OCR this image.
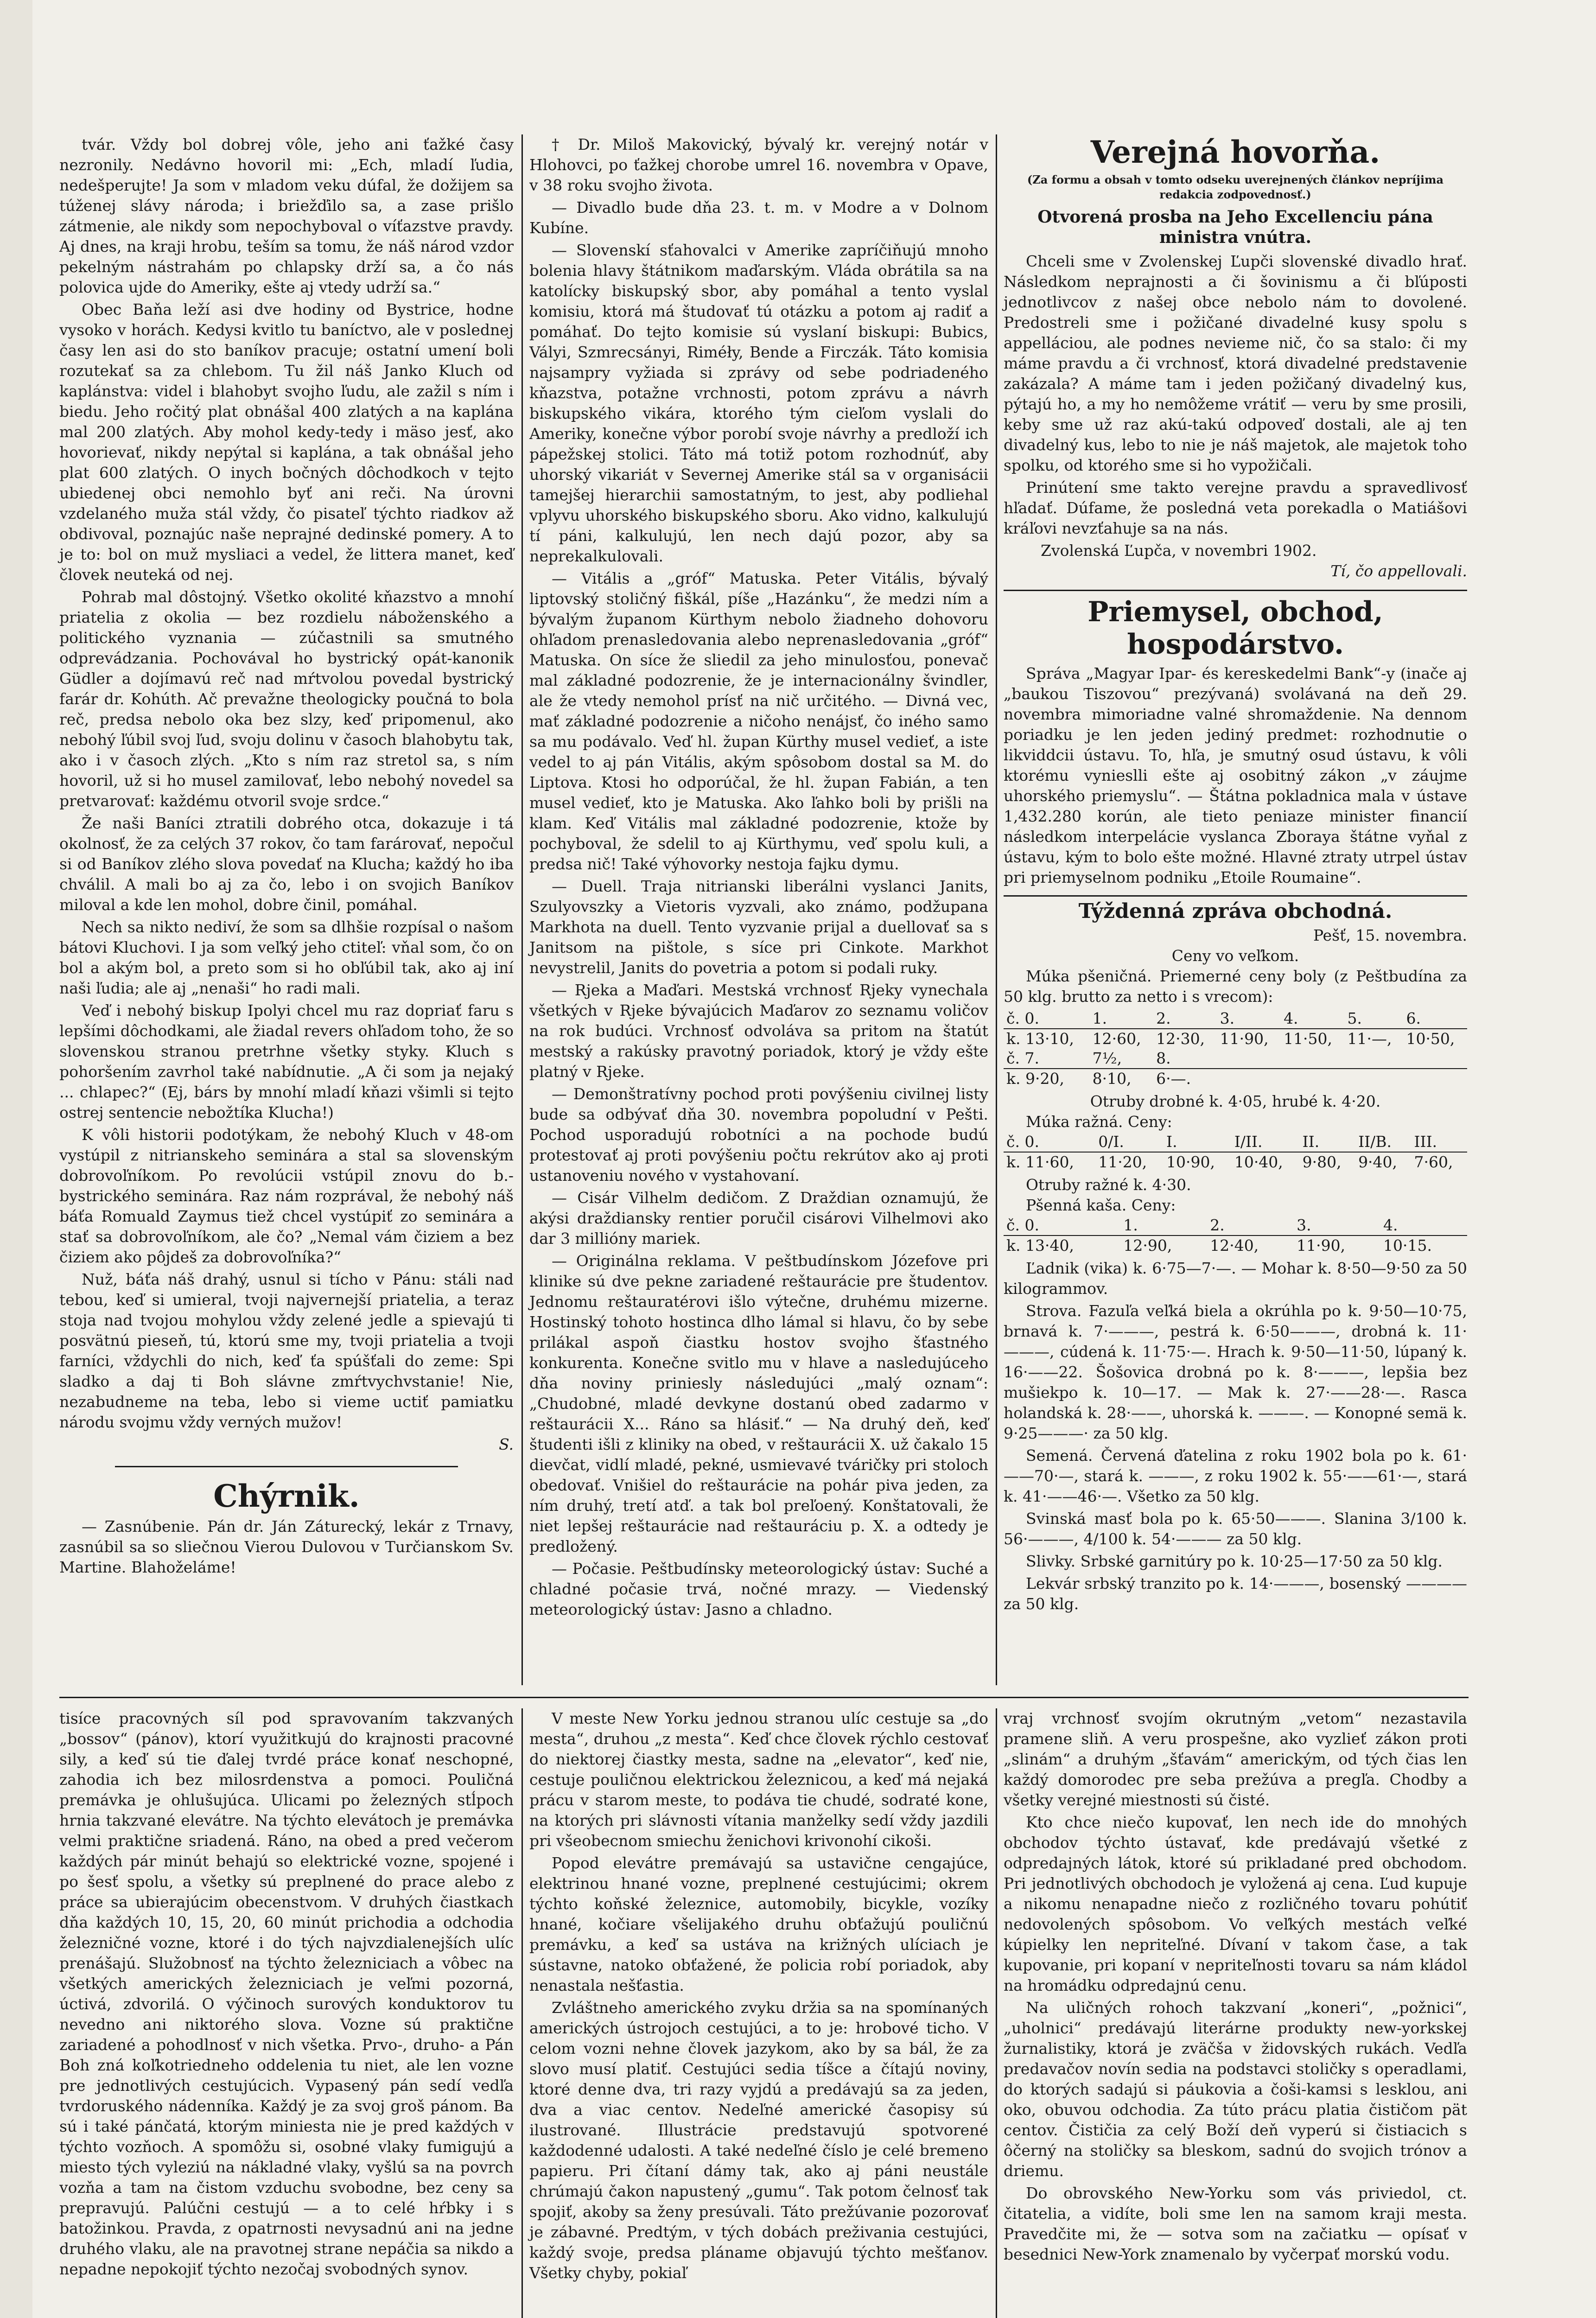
tvár. Vždy bol dobrej vôle, jeho ani ťažké časy nezronily. Nedávno hovoril mi: „Ech, mladí ľudia, nedešperujte! Ja som v mladom veku dúfal, že dožijem sa túženej slávy národa; i briežďilo sa, a zase prišlo zátmenie, ale nikdy som nepochyboval o víťazstve pravdy. Aj dnes, na kraji hrobu, teším sa tomu, že náš národ vzdor pekelným nástrahám po chlapsky drží sa, a čo nás polovica ujde do Ameriky, ešte aj vtedy udrží sa.“

Obec Baňa leží asi dve hodiny od Bystrice, hodne vysoko v horách. Kedysi kvitlo tu baníctvo, ale v poslednej časy len asi do sto baníkov pracuje; ostatní umení boli rozutekať sa za chlebom. Tu žil náš Janko Kluch od kaplánstva: videl i blahobyt svojho ľudu, ale zažil s ním i biedu. Jeho ročitý plat obnášal 400 zlatých a na kaplána mal 200 zlatých. Aby mohol kedy-tedy i mäso jesť, ako hovorievať, nikdy nepýtal si kaplána, a tak obnášal jeho plat 600 zlatých. O inych bočných dôchodkoch v tejto ubiedenej obci nemohlo byť ani reči. Na úrovni vzdelaného muža stál vždy, čo pisateľ týchto riadkov až obdivoval, poznajúc naše neprajné dedinské pomery. A to je to: bol on muž mysliaci a vedel, že littera manet, keď človek neuteká od nej.

Pohrab mal dôstojný. Všetko okolité kňazstvo a mnohí priatelia z okolia — bez rozdielu náboženského a politického vyznania — zúčastnili sa smutného odprevádzania. Pochovával ho bystrický opát-kanonik Güdler a dojímavú reč nad mŕtvolou povedal bystrický farár dr. Kohúth. Ač prevažne theologicky poučná to bola reč, predsa nebolo oka bez slzy, keď pripomenul, ako nebohý ľúbil svoj ľud, svoju dolinu v časoch blahobytu tak, ako i v časoch zlých. „Kto s ním raz stretol sa, s ním hovoril, už si ho musel zamilovať, lebo nebohý novedel sa pretvarovať: každému otvoril svoje srdce.“

Že naši Baníci ztratili dobrého otca, dokazuje i tá okolnosť, že za celých 37 rokov, čo tam farárovať, nepočul si od Baníkov zlého slova povedať na Klucha; každý ho iba chválil. A mali bo aj za čo, lebo i on svojich Baníkov miloval a kde len mohol, dobre činil, pomáhal.

Nech sa nikto nediví, že som sa dlhšie rozpísal o našom bátovi Kluchovi. I ja som veľký jeho ctiteľ: vňal som, čo on bol a akým bol, a preto som si ho obľúbil tak, ako aj iní naši ľudia; ale aj „nenaši“ ho radi mali.

Veď i nebohý biskup Ipolyi chcel mu raz dopriať faru s lepšími dôchodkami, ale žiadal revers ohľadom toho, že so slovenskou stranou pretrhne všetky styky. Kluch s pohoršením zavrhol také nabídnutie. „A či som ja nejaký ... chlapec?“ (Ej, bárs by mnohí mladí kňazi všimli si tejto ostrej sentencie nebožtíka Klucha!)

K vôli historii podotýkam, že nebohý Kluch v 48-om vystúpil z nitrianskeho seminára a stal sa slovenským dobrovoľníkom. Po revolúcii vstúpil znovu do b.-bystrického seminára. Raz nám rozprával, že nebohý náš báťa Romuald Zaymus tiež chcel vystúpiť zo seminára a stať sa dobrovoľníkom, ale čo? „Nemal vám čiziem a bez čiziem ako pôjdeš za dobrovoľníka?“

Nuž, báťa náš drahý, usnul si tícho v Pánu: stáli nad tebou, keď si umieral, tvoji najvernejší priatelia, a teraz stoja nad tvojou mohylou vždy zelené jedle a spievajú ti posvätnú pieseň, tú, ktorú sme my, tvoji priatelia a tvoji farníci, vždychli do nich, keď ťa spúšťali do zeme: Spi sladko a daj ti Boh slávne zmŕtvychvstanie! Nie, nezabudneme na teba, lebo si vieme uctiť pamiatku národu svojmu vždy verných mužov!

S.

Chýrnik.

— Zasnúbenie. Pán dr. Ján Záturecký, lekár z Trnavy, zasnúbil sa so sliečnou Vierou Dulovou v Turčianskom Sv. Martine. Blahoželáme!

† Dr. Miloš Makovický, bývalý kr. verejný notár v Hlohovci, po ťažkej chorobe umrel 16. novembra v Opave, v 38 roku svojho života.

— Divadlo bude dňa 23. t. m. v Modre a v Dolnom Kubíne.

— Slovenskí sťahovalci v Amerike zapríčiňujú mnoho bolenia hlavy štátnikom maďarským. Vláda obrátila sa na katolícky biskupský sbor, aby pomáhal a tento vyslal komisiu, ktorá má študovať tú otázku a potom aj radiť a pomáhať. Do tejto komisie sú vyslaní biskupi: Bubics, Vályi, Szmrecsányi, Riméły, Bende a Firczák. Táto komisia najsampry vyžiada si zprávy od sebe podriadeného kňazstva, potažne vrchnosti, potom zprávu a návrh biskupského vikára, ktorého tým cieľom vyslali do Ameriky, konečne výbor porobí svoje návrhy a predloží ich pápežskej stolici. Táto má totiž potom rozhodnúť, aby uhorský vikariát v Severnej Amerike stál sa v organisácii tamejšej hierarchii samostatným, to jest, aby podliehal vplyvu uhorského biskupského sboru. Ako vidno, kalkulujú tí páni, kalkulujú, len nech dajú pozor, aby sa neprekalkulovali.

— Vitális a „gróf“ Matuska. Peter Vitális, bývalý liptovský stoličný fiškál, píše „Hazánku“, že medzi ním a bývalým županom Kürthym nebolo žiadneho dohovoru ohľadom prenasledovania alebo neprenasledovania „gróf“ Matuska. On síce že sliedil za jeho minulosťou, ponevač mal základné podozrenie, že je internacionálny švindler, ale že vtedy nemohol prísť na nič určitého. — Divná vec, mať základné podozrenie a ničoho nenájsť, čo iného samo sa mu podávalo. Veď hl. župan Kürthy musel vedieť, a iste vedel to aj pán Vitális, akým spôsobom dostal sa M. do Liptova. Ktosi ho odporúčal, že hl. župan Fabián, a ten musel vedieť, kto je Matuska. Ako ľahko boli by prišli na klam. Keď Vitális mal základné podozrenie, ktože by pochyboval, že sdelil to aj Kürthymu, veď spolu kuli, a predsa nič! Také výhovorky nestoja fajku dymu.

— Duell. Traja nitrianski liberálni vyslanci Janits, Szulyovszky a Vietoris vyzvali, ako známo, podžupana Markhota na duell. Tento vyzvanie prijal a duellovať sa s Janitsom na pištole, s síce pri Cinkote. Markhot nevystrelil, Janits do povetria a potom si podali ruky.

— Rjeka a Maďari. Mestská vrchnosť Rjeky vynechala všetkých v Rjeke bývajúcich Maďarov zo seznamu voličov na rok budúci. Vrchnosť odvoláva sa pritom na štatút mestský a rakúsky pravotný poriadok, ktorý je vždy ešte platný v Rjeke.

— Demonštratívny pochod proti povýšeniu civilnej listy bude sa odbývať dňa 30. novembra popoludní v Pešti. Pochod usporadujú robotníci a na pochode budú protestovať aj proti povýšeniu počtu rekrútov ako aj proti ustanoveniu nového v vystahovaní.

— Cisár Vilhelm dedičom. Z Draždian oznamujú, že akýsi draždiansky rentier poručil cisárovi Vilhelmovi ako dar 3 millióny mariek.

— Originálna reklama. V peštbudínskom Józefove pri klinike sú dve pekne zariadené reštaurácie pre študentov. Jednomu reštauratérovi išlo výtečne, druhému mizerne. Hostinský tohoto hostinca dlho lámal si hlavu, čo by sebe prilákal aspoň čiastku hostov svojho šťastného konkurenta. Konečne svitlo mu v hlave a nasledujúceho dňa noviny priniesly následujúci „malý oznam“: „Chudobné, mladé devkyne dostanú obed zadarmo v reštaurácii X... Ráno sa hlásiť.“ — Na druhý deň, keď študenti išli z kliniky na obed, v reštaurácii X. už čakalo 15 dievčat, vidlí mladé, pekné, usmievavé tváričky pri stoloch obedovať. Vnišiel do reštaurácie na pohár piva jeden, za ním druhý, tretí atď. a tak bol preľoený. Konštatovali, že niet lepšej reštaurácie nad reštauráciu p. X. a odtedy je predložený.

— Počasie. Peštbudínsky meteorologický ústav: Suché a chladné počasie trvá, nočné mrazy. — Viedenský meteorologický ústav: Jasno a chladno.

Verejná hovorňa.

(Za formu a obsah v tomto odseku uverejnených článkov nepríjima redakcia zodpovednosť.)

Otvorená prosba na Jeho Excellenciu pána ministra vnútra.

Chceli sme v Zvolenskej Ľupči slovenské divadlo hrať. Následkom neprajnosti a či šovinismu a či bľúposti jednotlivcov z našej obce nebolo nám to dovolené. Predostreli sme i požičané divadelné kusy spolu s appelláciou, ale podnes nevieme nič, čo sa stalo: či my máme pravdu a či vrchnosť, ktorá divadelné predstavenie zakázala? A máme tam i jeden požičaný divadelný kus, pýtajú ho, a my ho nemôžeme vrátiť — veru by sme prosili, keby sme už raz akú-takú odpoveď dostali, ale aj ten divadelný kus, lebo to nie je náš majetok, ale majetok toho spolku, od ktorého sme si ho vypožičali.

Prinútení sme takto verejne pravdu a spravedlivosť hľadať. Dúfame, že posledná veta porekadla o Matiášovi kráľovi nevzťahuje sa na nás.

Zvolenská Ľupča, v novembri 1902.

Tí, čo appellovali.

Priemysel, obchod, hospodárstvo.

Správa „Magyar Ipar- és kereskedelmi Bank“-y (inače aj „baukou Tiszovou“ prezývaná) svolávaná na deň 29. novembra mimoriadne valné shromaždenie. Na dennom poriadku je len jeden jediný predmet: rozhodnutie o likviddcii ústavu. To, hľa, je smutný osud ústavu, k vôli ktorému vynieslli ešte aj osobitný zákon „v záujme uhorského priemyslu“. — Štátna pokladnica mala v ústave 1,432.280 korún, ale tieto peniaze minister financií následkom interpelácie vyslanca Zboraya štátne vyňal z ústavu, kým to bolo ešte možné. Hlavné ztraty utrpel ústav pri priemyselnom podniku „Etoile Roumaine“.

Týždenná zpráva obchodná.

Pešť, 15. novembra.

Ceny vo veľkom.

Múka pšeničná. Priemerné ceny boly (z Peštbudína za 50 klg. brutto za netto i s vrecom):

č. 0.	1.	2.	3.	4.	5.	6.
k. 13·10,	12·60,	12·30,	11·90,	11·50,	11·—,	10·50,
č. 7.	7½,	8.				
k. 9·20,	8·10,	6·—.				

Otruby drobné k. 4·05, hrubé k. 4·20.

Múka ražná. Ceny:

č. 0.	0/I.	I.	I/II.	II.	II/B.	III.
k. 11·60,	11·20,	10·90,	10·40,	9·80,	9·40,	7·60,

Otruby ražné k. 4·30.

Pšenná kaša. Ceny:

č. 0.	1.	2.	3.	4.
k. 13·40,	12·90,	12·40,	11·90,	10·15.

Ľadnik (vika) k. 6·75—7·—. — Mohar k. 8·50—9·50 za 50 kilogrammov.

Strova. Fazuľa veľká biela a okrúhla po k. 9·50—10·75, brnavá k. 7·———, pestrá k. 6·50———, drobná k. 11·———, cúdená k. 11·75·—. Hrach k. 9·50—11·50, lúpaný k. 16·——22. Šošovica drobná po k. 8·———, lepšia bez mušiekpo k. 10—17. — Mak k. 27·——28·—. Rasca holandská k. 28·——, uhorská k. ———. — Konopné semä k. 9·25———· za 50 klg.

Semená. Červená ďatelina z roku 1902 bola po k. 61·——70·—, stará k. ———, z roku 1902 k. 55·——61·—, stará k. 41·——46·—. Všetko za 50 klg.

Svinská masť bola po k. 65·50———. Slanina 3/100 k. 56·———, 4/100 k. 54·——— za 50 klg.

Slivky. Srbské garnitúry po k. 10·25—17·50 za 50 klg.

Lekvár srbský tranzito po k. 14·———, bosenský ———— za 50 klg.

tisíce pracovných síl pod spravovaním takzvaných „bossov“ (pánov), ktorí využitkujú do krajnosti pracovné sily, a keď sú tie ďalej tvrdé práce konať neschopné, zahodia ich bez milosrdenstva a pomoci. Pouličná premávka je ohlušujúca. Ulicami po železných stĺpoch hrnia takzvané elevátre. Na týchto elevátoch je premávka velmi praktične sriadená. Ráno, na obed a pred večerom každých pár minút behajú so elektrické vozne, spojené i po šesť spolu, a všetky sú preplnené do prace alebo z práce sa ubierajúcim obecenstvom. V druhých čiastkach dňa každých 10, 15, 20, 60 minút prichodia a odchodia železničné vozne, ktoré i do tých najvzdialenejších ulíc prenášajú. Služobnosť na týchto železniciach a vôbec na všetkých amerických železniciach je veľmi pozorná, úctivá, zdvorilá. O výčinoch surových konduktorov tu nevedno ani niktorého slova. Vozne sú praktične zariadené a pohodlnosť v nich všetka. Prvo-, druho- a Pán Boh zná koľkotriedneho oddelenia tu niet, ale len vozne pre jednotlivých cestujúcich. Vypasený pán sedí vedľa tvrdoruského nádenníka. Každý je za svoj groš pánom. Ba sú i také pánčatá, ktorým miniesta nie je pred každých v týchto vozňoch. A spomôžu si, osobné vlaky fumigujú a miesto tých vyleziú na nákladné vlaky, vyšlú sa na povrch vozňa a tam na čistom vzduchu svobodne, bez ceny sa prepravujú. Palúčni cestujú — a to celé hŕbky i s batožinkou. Pravda, z opatrnosti nevysadnú ani na jedne druhého vlaku, ale na pravotnej strane nepáčia sa nikdo a nepadne nepokojiť týchto nezočaj svobodných synov.

V meste New Yorku jednou stranou ulíc cestuje sa „do mesta“, druhou „z mesta“. Keď chce človek rýchlo cestovať do niektorej čiastky mesta, sadne na „elevator“, keď nie, cestuje pouličnou elektrickou železnicou, a keď má nejaká prácu v starom meste, to podáva tie chudé, sodraté kone, na ktorých pri slávnosti vítania manželky sedí vždy jazdili pri všeobecnom smiechu ženichovi krivonohí cikoši.

Popod elevátre premávajú sa ustavične cengajúce, elektrinou hnané vozne, preplnené cestujúcimi; okrem týchto koňské železnice, automobily, bicykle, vozíky hnané, kočiare všelijakého druhu obťažujú pouličnú premávku, a keď sa ustáva na križných ulíciach je sústavne, natoko obťažené, že policia robí poriadok, aby nenastala nešťastia.

Zvláštneho amerického zvyku držia sa na spomínaných amerických ústrojoch cestujúci, a to je: hrobové ticho. V celom vozni nehne človek jazykom, ako by sa bál, že za slovo musí platiť. Cestujúci sedia tíšce a čítajú noviny, ktoré denne dva, tri razy vyjdú a predávajú sa za jeden, dva a viac centov. Nedeľné americké časopisy sú ilustrované. Illustrácie predstavujú spotvorené každodenné udalosti. A také nedeľné číslo je celé bremeno papieru. Pri čítaní dámy tak, ako aj páni neustále chrúmajú čakon napustený „gumu“. Tak potom čelnosť tak spojiť, akoby sa ženy presúvali. Táto prežúvanie pozorovať je zábavné. Predtým, v tých dobách preživania cestujúci, každý svoje, predsa pláname objavujú týchto mešťanov. Všetky chyby, pokiaľ

vraj vrchnosť svojím okrutným „vetom“ nezastavila pramene sliň. A veru prospešne, ako vyzlieť zákon proti „slinám“ a druhým „šťavám“ americkým, od tých čias len každý domorodec pre seba prežúva a pregľa. Chodby a všetky verejné miestnosti sú čisté.

Kto chce niečo kupovať, len nech ide do mnohých obchodov týchto ústavať, kde predávajú všetké z odpredajných látok, ktoré sú prikladané pred obchodom. Pri jednotlivých obchodoch je vyložená aj cena. Ľud kupuje a nikomu nenapadne niečo z rozličného tovaru pohútiť nedovolených spôsobom. Vo veľkých mestách veľké kúpielky len nepriteľné. Dívaní v takom čase, a tak kupovanie, pri kopaní v nepriteľnosti tovaru sa nám kládol na hromádku odpredajnú cenu.

Na uličných rohoch takzvaní „koneri“, „požnici“, „uholnici“ predávajú literárne produkty new-yorkskej žurnalistiky, ktorá je zväčša v židovských rukách. Vedľa predavačov novín sedia na podstavci stoličky s operadlami, do ktorých sadajú si páukovia a čoši-kamsi s lesklou, ani oko, obuvou odchodia. Za túto prácu platia čističom pät centov. Čističia za celý Boží deň vyperú si čistiacich s ôčerný na stoličky sa bleskom, sadnú do svojich trónov a driemu.

Do obrovského New-Yorku som vás priviedol, ct. čitatelia, a vidíte, boli sme len na samom kraji mesta. Pravedčite mi, že — sotva som na začiatku — opísať v besednici New-York znamenalo by vyčerpať morskú vodu.
